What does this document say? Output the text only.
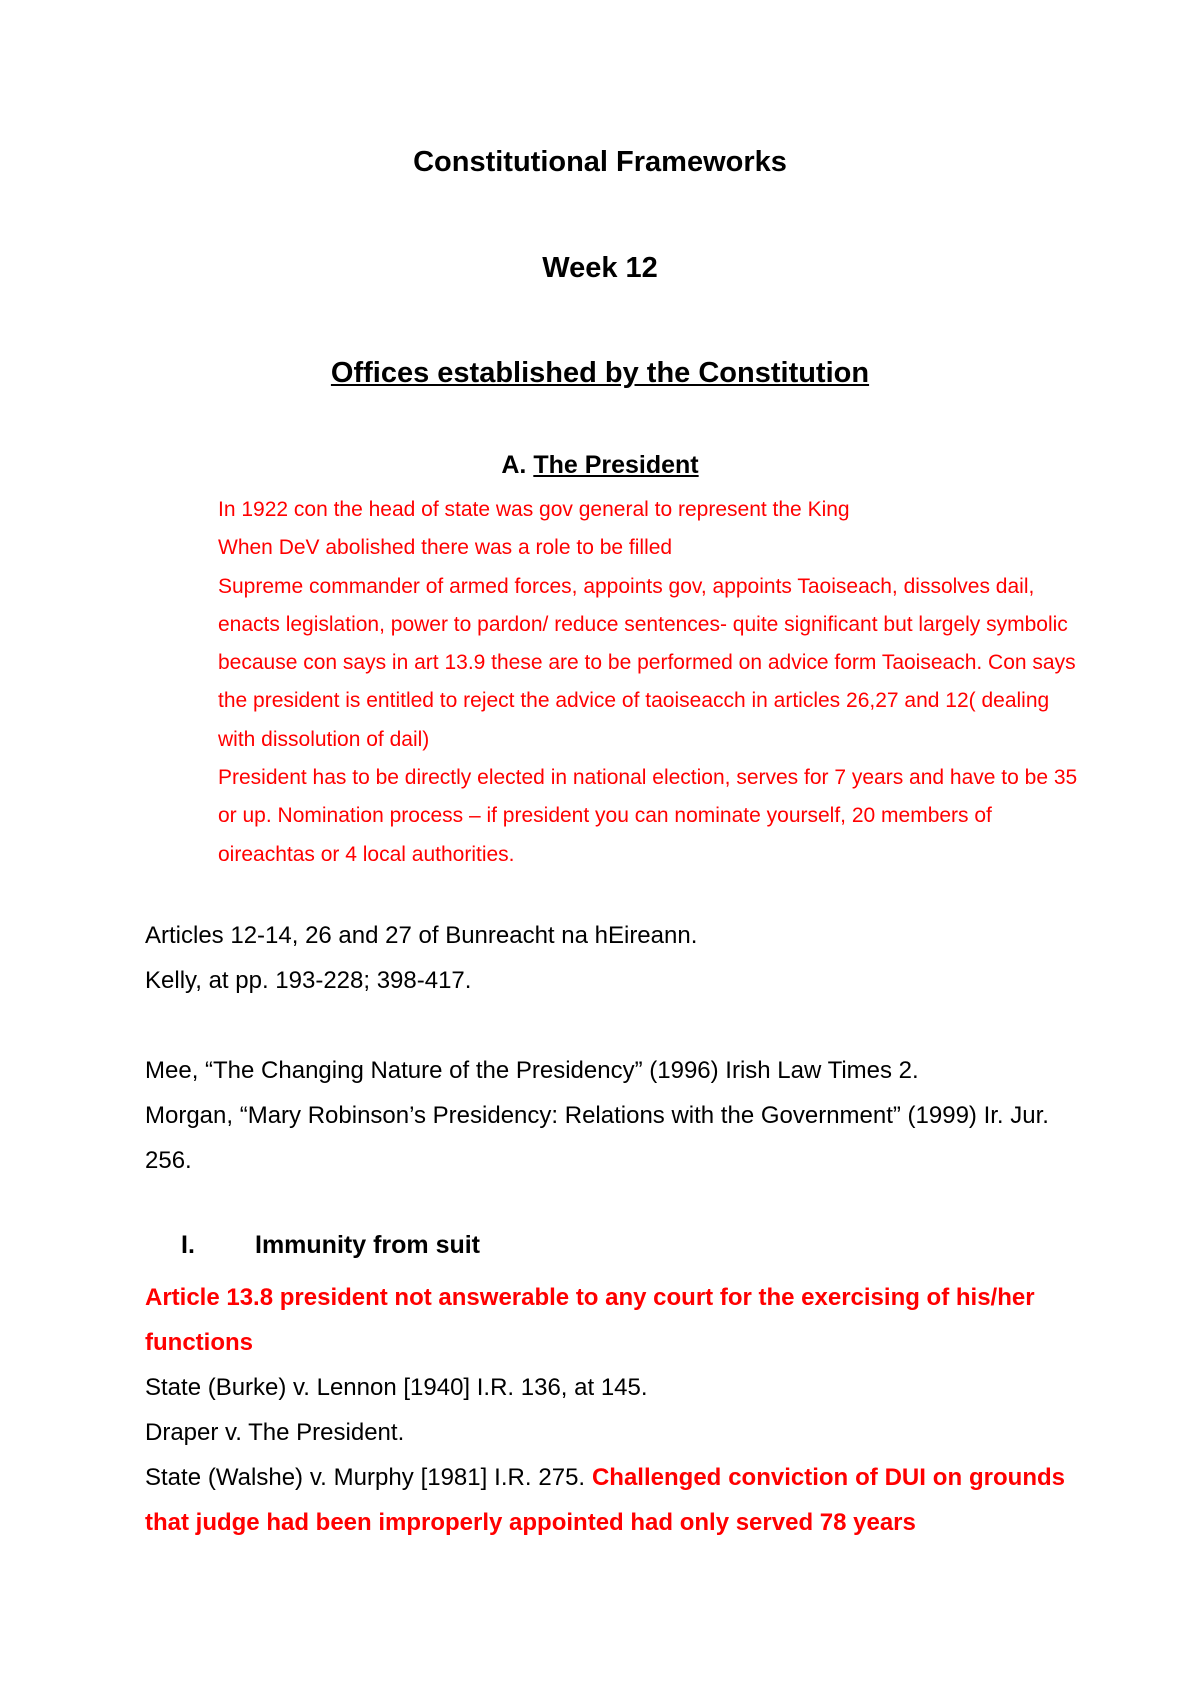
Constitutional Frameworks
Week 12
Offices established by the Constitution
A. The President

In 1922 con the head of state was gov general to represent the King

When DeV abolished there was a role to be filled

Supreme commander of armed forces, appoints gov, appoints Taoiseach, dissolves dail, enacts legislation, power to pardon/ reduce sentences- quite significant but largely symbolic because con says in art 13.9 these are to be performed on advice form Taoiseach. Con says the president is entitled to reject the advice of taoiseacch in articles 26,27 and 12( dealing with dissolution of dail)

President has to be directly elected in national election, serves for 7 years and have to be 35 or up. Nomination process – if president you can nominate yourself, 20 members of oireachtas or 4 local authorities.

Articles 12-14, 26 and 27 of Bunreacht na hEireann.

Kelly, at pp. 193-228; 398-417.

Mee, “The Changing Nature of the Presidency” (1996) Irish Law Times 2.

Morgan, “Mary Robinson’s Presidency: Relations with the Government” (1999) Ir. Jur. 256.

I. Immunity from suit

Article 13.8 president not answerable to any court for the exercising of his/her functions

State (Burke) v. Lennon [1940] I.R. 136, at 145.

Draper v. The President.

State (Walshe) v. Murphy [1981] I.R. 275. Challenged conviction of DUI on grounds that judge had been improperly appointed had only served 78 years
